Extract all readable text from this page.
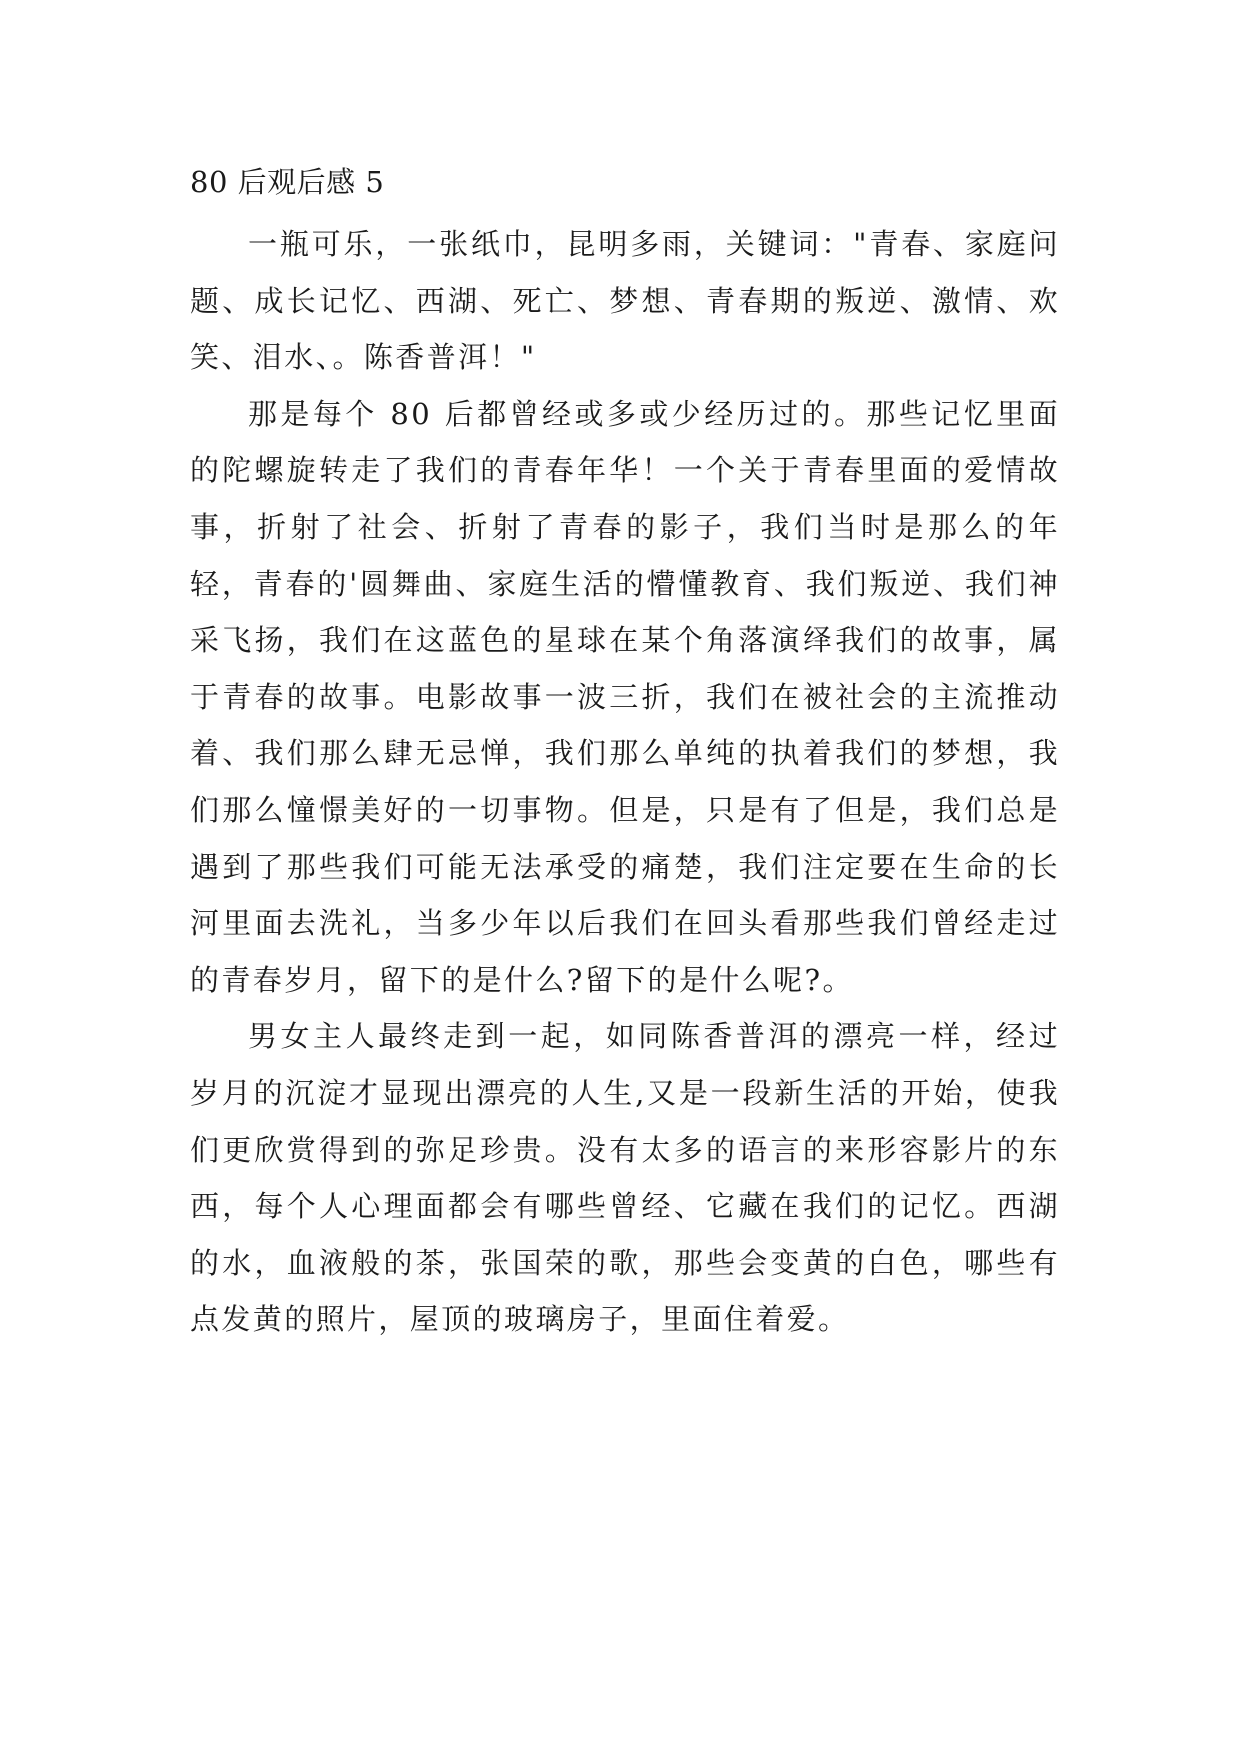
80 后观后感 5

一瓶可乐，一张纸巾，昆明多雨，关键词："青春、家庭问题、成长记忆、西湖、死亡、梦想、青春期的叛逆、激情、欢笑、泪水、。陈香普洱！"

那是每个 80 后都曾经或多或少经历过的。那些记忆里面的陀螺旋转走了我们的青春年华！一个关于青春里面的爱情故事，折射了社会、折射了青春的影子，我们当时是那么的年轻，青春的'圆舞曲、家庭生活的懵懂教育、我们叛逆、我们神采飞扬，我们在这蓝色的星球在某个角落演绎我们的故事，属于青春的故事。电影故事一波三折，我们在被社会的主流推动着、我们那么肆无忌惮，我们那么单纯的执着我们的梦想，我们那么憧憬美好的一切事物。但是，只是有了但是，我们总是遇到了那些我们可能无法承受的痛楚，我们注定要在生命的长河里面去洗礼，当多少年以后我们在回头看那些我们曾经走过的青春岁月，留下的是什么?留下的是什么呢?。

男女主人最终走到一起，如同陈香普洱的漂亮一样，经过岁月的沉淀才显现出漂亮的人生,又是一段新生活的开始，使我们更欣赏得到的弥足珍贵。没有太多的语言的来形容影片的东西，每个人心理面都会有哪些曾经、它藏在我们的记忆。西湖的水，血液般的茶，张国荣的歌，那些会变黄的白色，哪些有点发黄的照片，屋顶的玻璃房子，里面住着爱。
